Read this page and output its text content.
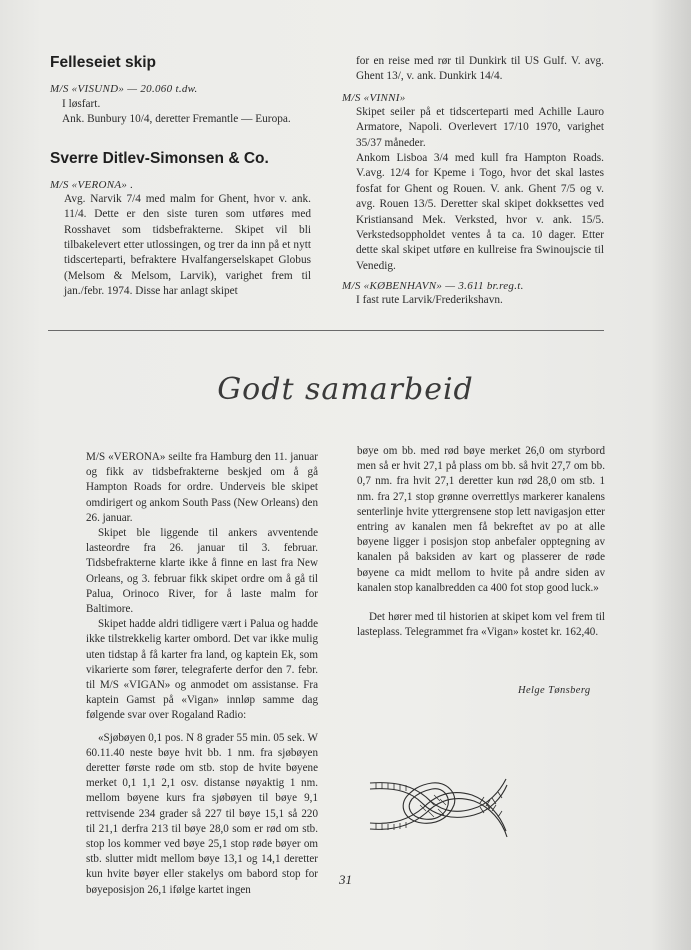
Felleseiet skip

M/S «VISUND» — 20.060 t.dw.

I løsfart.

Ank. Bunbury 10/4, deretter Fremantle — Europa.

Sverre Ditlev-Simonsen & Co.

M/S «VERONA» .

Avg. Narvik 7/4 med malm for Ghent, hvor v. ank. 11/4. Dette er den siste turen som utføres med Rosshavet som tidsbefrakterne. Skipet vil bli tilbakelevert etter utlossingen, og trer da inn på et nytt tidscerteparti, befraktere Hvalfangerselskapet Globus (Melsom & Melsom, Larvik), varighet frem til jan./febr. 1974. Disse har anlagt skipet

for en reise med rør til Dunkirk til US Gulf. V. avg. Ghent 13/, v. ank. Dunkirk 14/4.

M/S «VINNI»

Skipet seiler på et tidscerteparti med Achille Lauro Armatore, Napoli. Overlevert 17/10 1970, varighet 35/37 måneder.

Ankom Lisboa 3/4 med kull fra Hampton Roads. V.avg. 12/4 for Kpeme i Togo, hvor det skal lastes fosfat for Ghent og Rouen. V. ank. Ghent 7/5 og v. avg. Rouen 13/5. Deretter skal skipet dokksettes ved Kristiansand Mek. Verksted, hvor v. ank. 15/5. Verkstedsoppholdet ventes å ta ca. 10 dager. Etter dette skal skipet utføre en kullreise fra Swinoujscie til Venedig.

M/S «KØBENHAVN» — 3.611 br.reg.t.

I fast rute Larvik/Frederikshavn.

Godt samarbeid

M/S «VERONA» seilte fra Hamburg den 11. januar og fikk av tidsbefrakterne beskjed om å gå Hampton Roads for ordre. Underveis ble skipet omdirigert og ankom South Pass (New Orleans) den 26. januar.

Skipet ble liggende til ankers avventende lasteordre fra 26. januar til 3. februar. Tidsbefrakterne klarte ikke å finne en last fra New Orleans, og 3. februar fikk skipet ordre om å gå til Palua, Orinoco River, for å laste malm for Baltimore.

Skipet hadde aldri tidligere vært i Palua og hadde ikke tilstrekkelig karter ombord. Det var ikke mulig uten tidstap å få karter fra land, og kaptein Ek, som vikarierte som fører, telegraferte derfor den 7. febr. til M/S «VIGAN» og anmodet om assistanse. Fra kaptein Gamst på «Vigan» innløp samme dag følgende svar over Rogaland Radio:

«Sjøbøyen 0,1 pos. N 8 grader 55 min. 05 sek. W 60.11.40 neste bøye hvit bb. 1 nm. fra sjøbøyen deretter første røde om stb. stop de hvite bøyene merket 0,1 1,1 2,1 osv. distanse nøyaktig 1 nm. mellom bøyene kurs fra sjøbøyen til bøye 9,1 rettvisende 234 grader så 227 til bøye 15,1 så 220 til 21,1 derfra 213 til bøye 28,0 som er rød om stb. stop los kommer ved bøye 25,1 stop røde bøyer om stb. slutter midt mellom bøye 13,1 og 14,1 deretter kun hvite bøyer eller stakelys om babord stop for bøyeposisjon 26,1 ifølge kartet ingen

bøye om bb. med rød bøye merket 26,0 om styrbord men så er hvit 27,1 på plass om bb. så hvit 27,7 om bb. 0,7 nm. fra hvit 27,1 deretter kun rød 28,0 om stb. 1 nm. fra 27,1 stop grønne overrettlys markerer kanalens senterlinje hvite yttergrensene stop lett navigasjon etter entring av kanalen men få bekreftet av po at alle bøyene ligger i posisjon stop anbefaler opptegning av kanalen på baksiden av kart og plasserer de røde bøyene ca midt mellom to hvite på andre siden av kanalen stop kanalbredden ca 400 fot stop good luck.»

Det hører med til historien at skipet kom vel frem til lasteplass. Telegrammet fra «Vigan» kostet kr. 162,40.

Helge Tønsberg
31
